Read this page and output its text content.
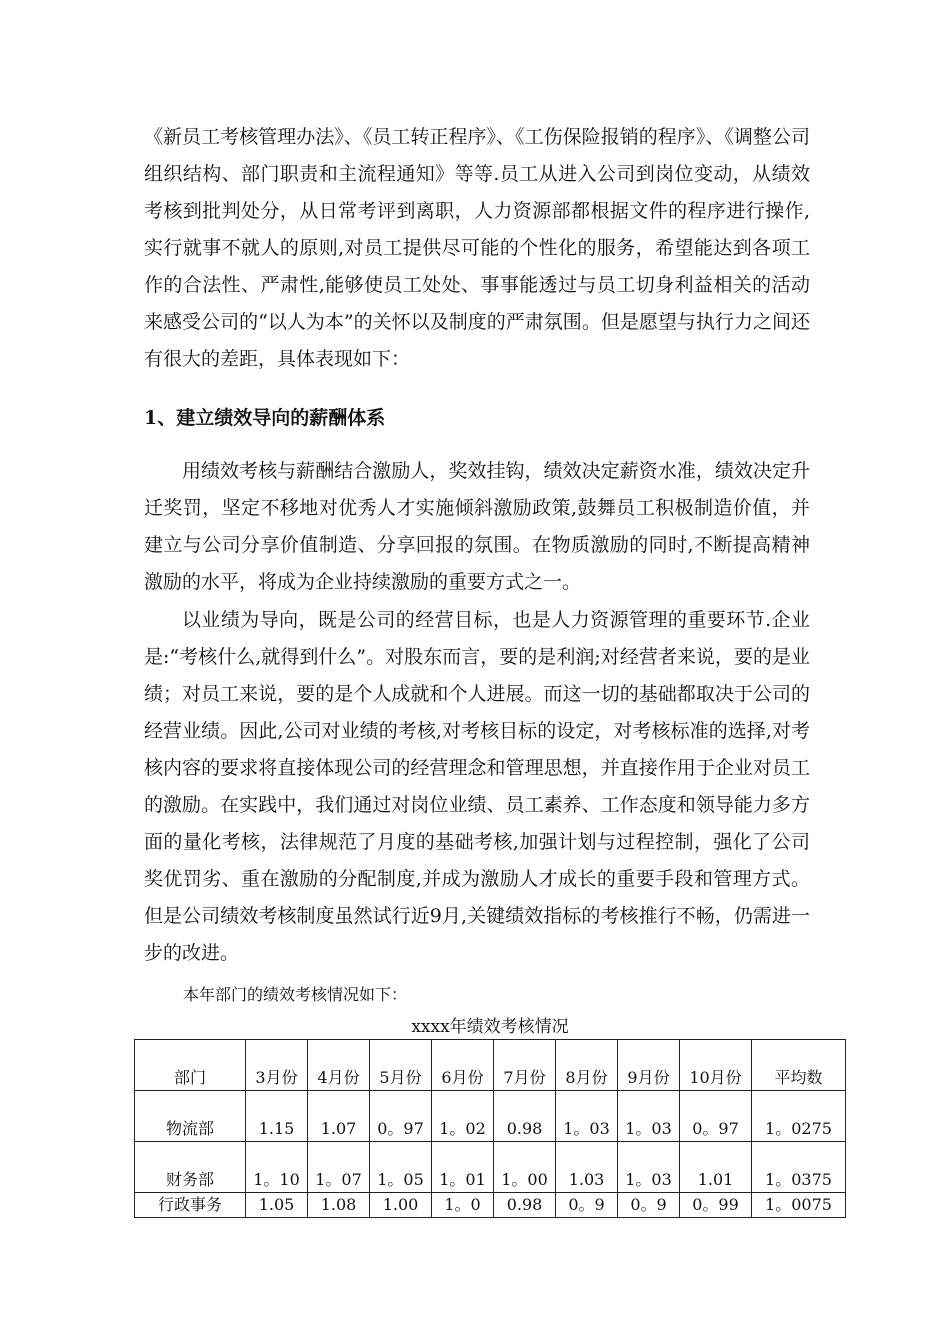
《新员工考核管理办法》、《员工转正程序》、《工伤保险报销的程序》、《调整公司组织结构、部门职责和主流程通知》等等.员工从进入公司到岗位变动，从绩效考核到批判处分，从日常考评到离职，人力资源部都根据文件的程序进行操作,实行就事不就人的原则,对员工提供尽可能的个性化的服务，希望能达到各项工作的合法性、严肃性,能够使员工处处、事事能透过与员工切身利益相关的活动来感受公司的“以人为本”的关怀以及制度的严肃氛围。但是愿望与执行力之间还有很大的差距，具体表现如下：

1、建立绩效导向的薪酬体系

用绩效考核与薪酬结合激励人，奖效挂钩，绩效决定薪资水准，绩效决定升迁奖罚，坚定不移地对优秀人才实施倾斜激励政策,鼓舞员工积极制造价值，并建立与公司分享价值制造、分享回报的氛围。在物质激励的同时,不断提高精神激励的水平，将成为企业持续激励的重要方式之一。

以业绩为导向，既是公司的经营目标，也是人力资源管理的重要环节.企业是:“考核什么,就得到什么”。对股东而言，要的是利润;对经营者来说，要的是业绩；对员工来说，要的是个人成就和个人进展。而这一切的基础都取决于公司的经营业绩。因此,公司对业绩的考核,对考核目标的设定，对考核标准的选择,对考核内容的要求将直接体现公司的经营理念和管理思想，并直接作用于企业对员工的激励。在实践中，我们通过对岗位业绩、员工素养、工作态度和领导能力多方面的量化考核，法律规范了月度的基础考核,加强计划与过程控制，强化了公司奖优罚劣、重在激励的分配制度,并成为激励人才成长的重要手段和管理方式。但是公司绩效考核制度虽然试行近9月,关键绩效指标的考核推行不畅，仍需进一步的改进。

本年部门的绩效考核情况如下：

xxxx年绩效考核情况

部门	3月份	4月份	5月份	6月份	7月份	8月份	9月份	10月份	平均数
物流部	1.15	1.07	0。97	1。02	0.98	1。03	1。03	0。97	1。0275
财务部	1。10	1。07	1。05	1。01	1。00	1.03	1。03	1.01	1。0375
行政事务	1.05	1.08	1.00	1。0	0.98	0。9	0。9	0。99	1。0075
